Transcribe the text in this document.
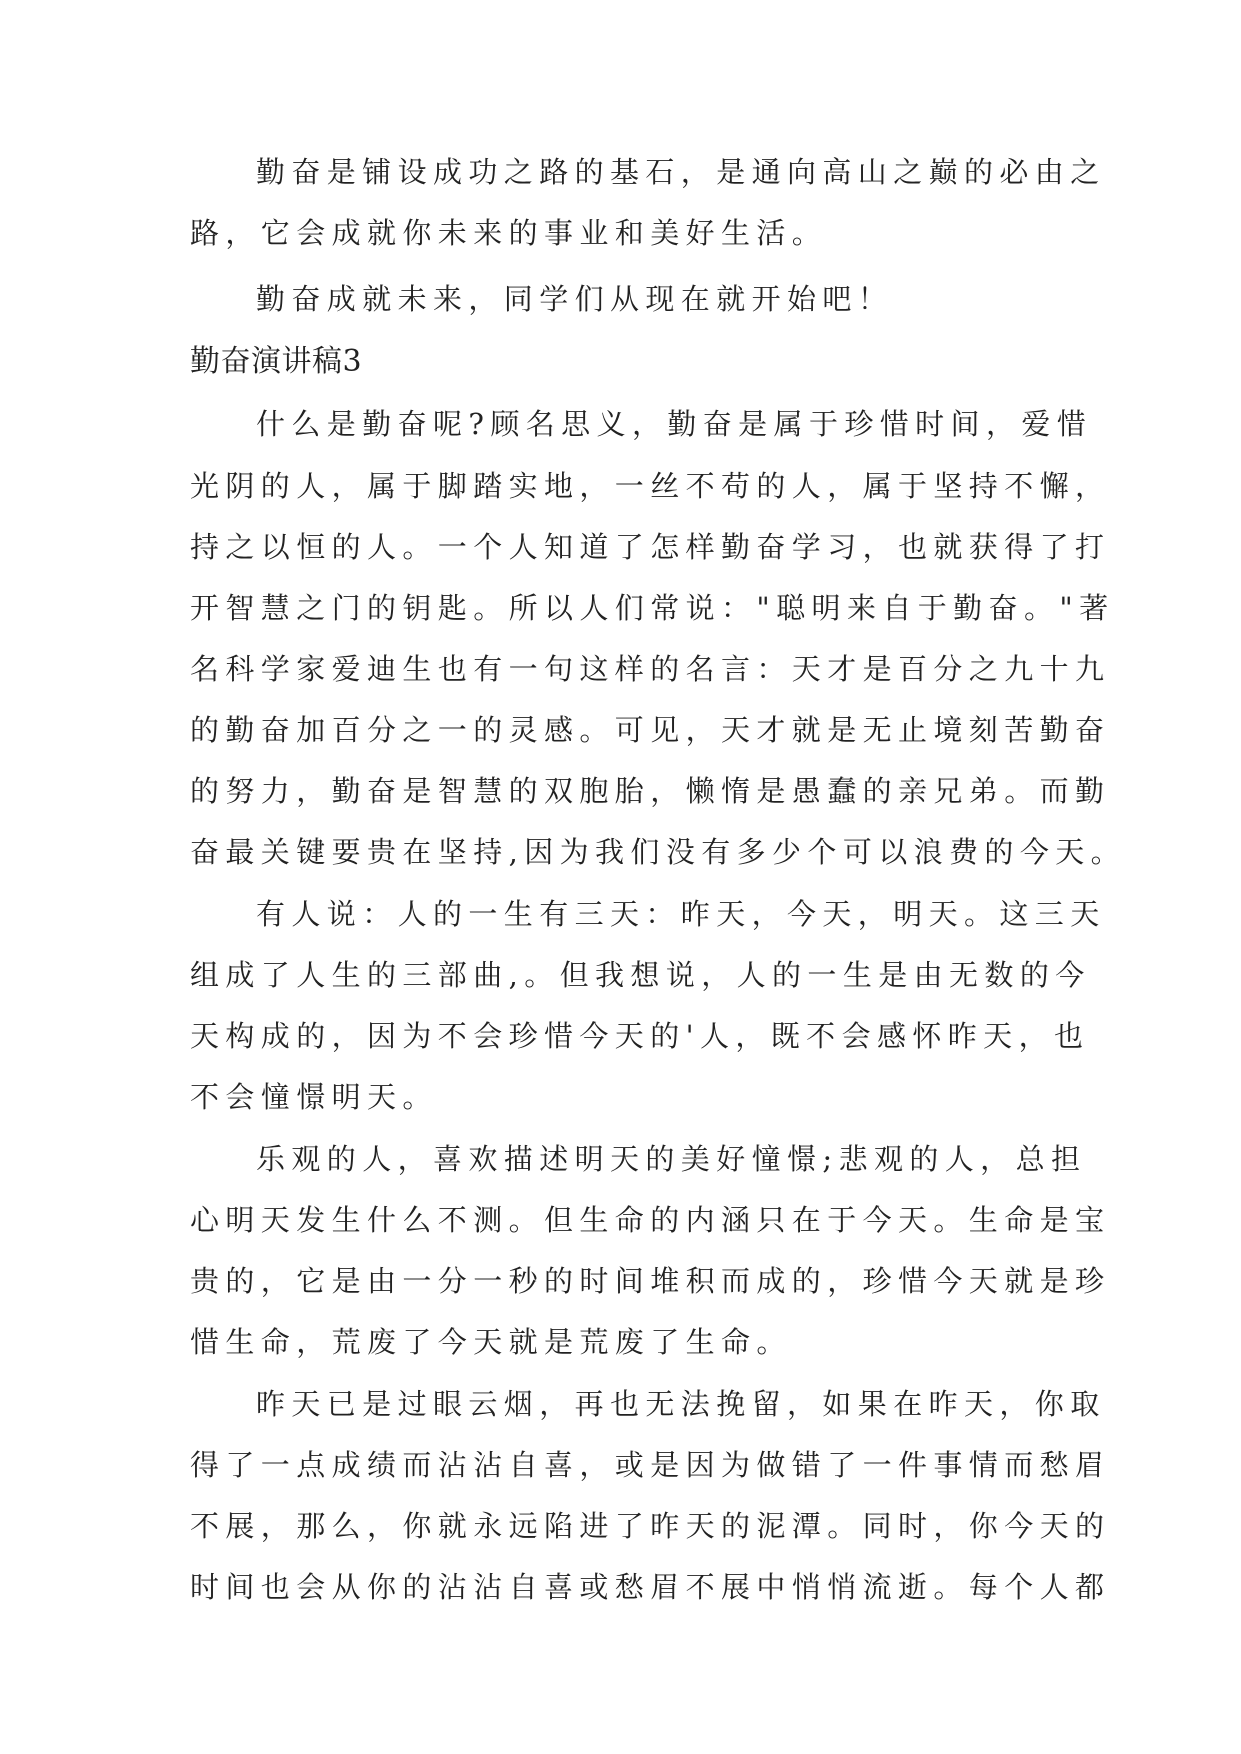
勤奋是铺设成功之路的基石，是通向高山之巅的必由之
路，它会成就你未来的事业和美好生活。
勤奋成就未来，同学们从现在就开始吧！
勤奋演讲稿3
什么是勤奋呢?顾名思义，勤奋是属于珍惜时间，爱惜
光阴的人，属于脚踏实地，一丝不苟的人，属于坚持不懈，
持之以恒的人。一个人知道了怎样勤奋学习，也就获得了打
开智慧之门的钥匙。所以人们常说："聪明来自于勤奋。"著
名科学家爱迪生也有一句这样的名言：天才是百分之九十九
的勤奋加百分之一的灵感。可见，天才就是无止境刻苦勤奋
的努力，勤奋是智慧的双胞胎，懒惰是愚蠢的亲兄弟。而勤
奋最关键要贵在坚持,因为我们没有多少个可以浪费的今天。
有人说：人的一生有三天：昨天，今天，明天。这三天
组成了人生的三部曲,。但我想说，人的一生是由无数的今
天构成的，因为不会珍惜今天的'人，既不会感怀昨天，也
不会憧憬明天。
乐观的人，喜欢描述明天的美好憧憬;悲观的人，总担
心明天发生什么不测。但生命的内涵只在于今天。生命是宝
贵的，它是由一分一秒的时间堆积而成的，珍惜今天就是珍
惜生命，荒废了今天就是荒废了生命。
昨天已是过眼云烟，再也无法挽留，如果在昨天，你取
得了一点成绩而沾沾自喜，或是因为做错了一件事情而愁眉
不展，那么，你就永远陷进了昨天的泥潭。同时，你今天的
时间也会从你的沾沾自喜或愁眉不展中悄悄流逝。每个人都
